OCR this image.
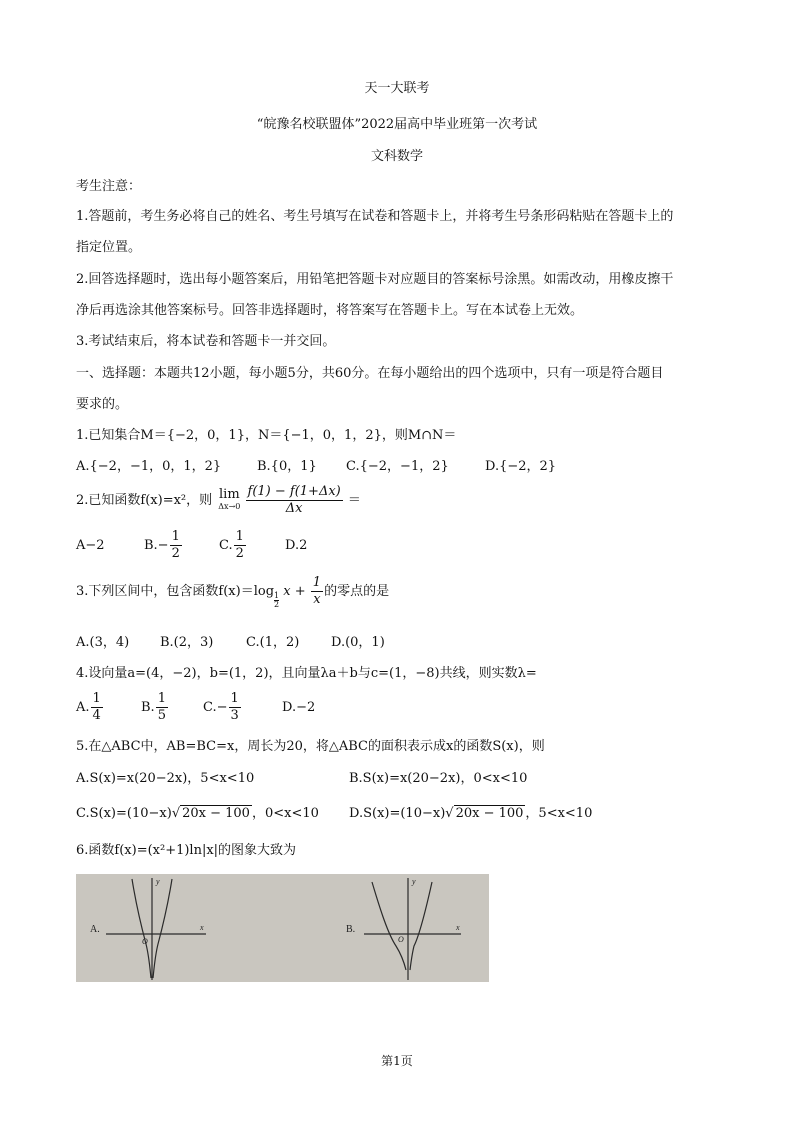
天一大联考
“皖豫名校联盟体”2022届高中毕业班第一次考试
文科数学
考生注意：
1.答题前，考生务必将自己的姓名、考生号填写在试卷和答题卡上，并将考生号条形码粘贴在答题卡上的
指定位置。
2.回答选择题时，选出每小题答案后，用铅笔把答题卡对应题目的答案标号涂黑。如需改动，用橡皮擦干
净后再选涂其他答案标号。回答非选择题时，将答案写在答题卡上。写在本试卷上无效。
3.考试结束后，将本试卷和答题卡一并交回。
一、选择题：本题共12小题，每小题5分，共60分。在每小题给出的四个选项中，只有一项是符合题目
要求的。
1.已知集合M＝{−2，0，1}，N＝{−1，0，1，2}，则M∩N＝
A.{−2，−1，0，1，2}	B.{0，1} C.{−2，−1，2}	D.{−2，2}
2.已知函数f(x)=x²，则 lim
Δx→0
$\frac{f(1) - f(1+\Delta x)}{\Delta x}$ ＝
A−2	$B.- \frac{1}{2}$	C. $\frac{1}{2}$	D.2
3.下列区间中，包含函数f(x)＝log
$\frac{1}{2}$
$x + \frac{1}{x}$ 的零点的是
A.(3，4) B.(2，3)	C.(1，2) D.(0，1)
4.设向量a=(4，−2)，b=(1，2)，且向量λa＋b与c=(1，−8)共线，则实数λ=
A. $\frac{1}{4}$	B. $\frac{1}{5}$	$C.- \frac{1}{3}$	D.−2
5.在△ABC中，AB=BC=x，周长为20，将△ABC的面积表示成x的函数S(x)，则
A.S(x)=x(20−2x)，5<x<10	B.S(x)=x(20−2x)，0<x<10
C.S(x)=(10−x)√ 20x − 100 ，0<x<10 D.S(x)=(10−x)√ 20x − 100 ，5<x<10
6.函数f(x)=(x²+1)ln|x|的图象大致为
A.
y
x
O
B.
y
x
O
第1页
